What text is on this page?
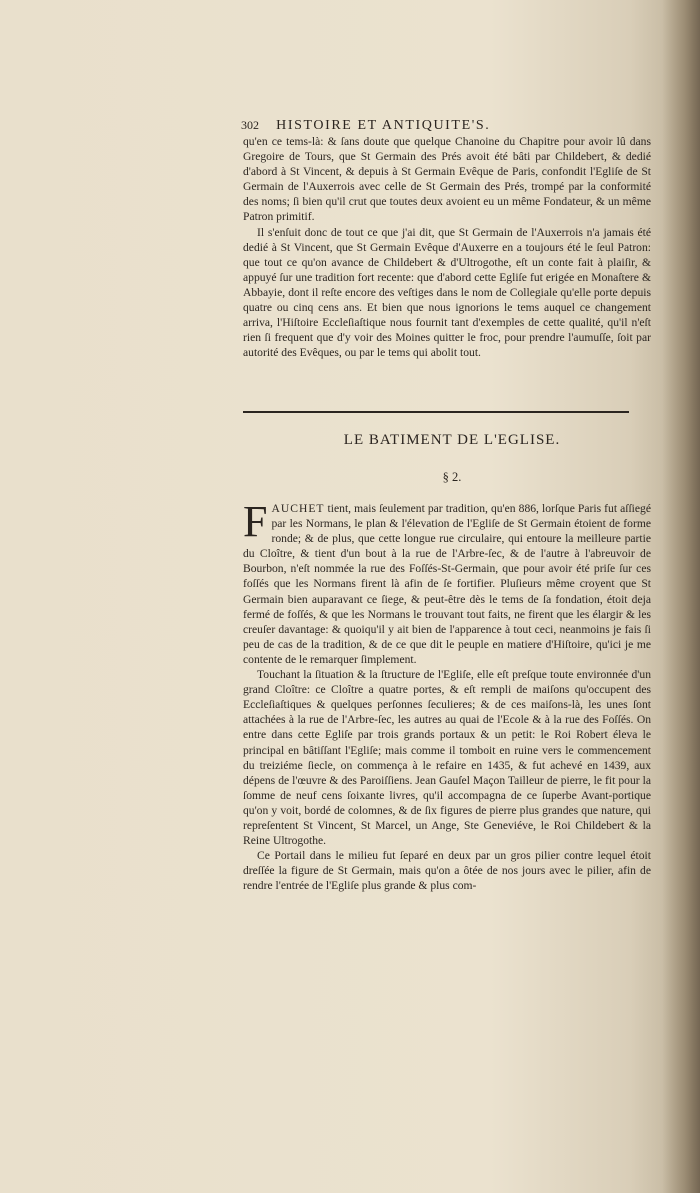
302 HISTOIRE ET ANTIQUITE'S.

qu'en ce tems-là: & ſans doute que quelque Chanoine du Chapitre pour avoir lû dans Gregoire de Tours, que St Germain des Prés avoit été bâti par Childebert, & dedié d'abord à St Vincent, & depuis à St Germain Evêque de Paris, confondit l'Egliſe de St Germain de l'Auxerrois avec celle de St Germain des Prés, trompé par la conformité des noms; ſi bien qu'il crut que toutes deux avoient eu un même Fondateur, & un même Patron primitif.

Il s'enſuit donc de tout ce que j'ai dit, que St Germain de l'Auxerrois n'a jamais été dedié à St Vincent, que St Germain Evêque d'Auxerre en a toujours été le ſeul Patron: que tout ce qu'on avance de Childebert & d'Ultrogothe, eſt un conte fait à plaiſir, & appuyé ſur une tradition fort recente: que d'abord cette Egliſe fut erigée en Monaſtere & Abbayie, dont il reſte encore des veſtiges dans le nom de Collegiale qu'elle porte depuis quatre ou cinq cens ans. Et bien que nous ignorions le tems auquel ce changement arriva, l'Hiſtoire Eccleſiaſtique nous fournit tant d'exemples de cette qualité, qu'il n'eſt rien ſi frequent que d'y voir des Moines quitter le froc, pour prendre l'aumuſſe, ſoit par autorité des Evêques, ou par le tems qui abolit tout.

LE BATIMENT DE L'EGLISE.
§ 2.

FAUCHET tient, mais ſeulement par tradition, qu'en 886, lorſque Paris fut aſſiegé par les Normans, le plan & l'élevation de l'Egliſe de St Germain étoient de forme ronde; & de plus, que cette longue rue circulaire, qui entoure la meilleure partie du Cloître, & tient d'un bout à la rue de l'Arbre-ſec, & de l'autre à l'abreuvoir de Bourbon, n'eſt nommée la rue des Foſſés-St-Germain, que pour avoir été priſe ſur ces foſſés que les Normans firent là afin de ſe fortifier. Pluſieurs même croyent que St Germain bien auparavant ce ſiege, & peut-être dès le tems de ſa fondation, étoit deja fermé de foſſés, & que les Normans le trouvant tout faits, ne firent que les élargir & les creuſer davantage: & quoiqu'il y ait bien de l'apparence à tout ceci, neanmoins je fais ſi peu de cas de la tradition, & de ce que dit le peuple en matiere d'Hiſtoire, qu'ici je me contente de le remarquer ſimplement.

Touchant la ſituation & la ſtructure de l'Egliſe, elle eſt preſque toute environnée d'un grand Cloître: ce Cloître a quatre portes, & eſt rempli de maiſons qu'occupent des Eccleſiaſtiques & quelques perſonnes ſeculieres; & de ces maiſons-là, les unes ſont attachées à la rue de l'Arbre-ſec, les autres au quai de l'Ecole & à la rue des Foſſés. On entre dans cette Egliſe par trois grands portaux & un petit: le Roi Robert éleva le principal en bâtiſſant l'Egliſe; mais comme il tomboit en ruine vers le commencement du treiziéme ſiecle, on commença à le refaire en 1435, & fut achevé en 1439, aux dépens de l'œuvre & des Paroiſſiens. Jean Gauſel Maçon Tailleur de pierre, le fit pour la ſomme de neuf cens ſoixante livres, qu'il accompagna de ce ſuperbe Avant-portique qu'on y voit, bordé de colomnes, & de ſix figures de pierre plus grandes que nature, qui repreſentent St Vincent, St Marcel, un Ange, Ste Geneviéve, le Roi Childebert & la Reine Ultrogothe.

Ce Portail dans le milieu fut ſeparé en deux par un gros pilier contre lequel étoit dreſſée la figure de St Germain, mais qu'on a ôtée de nos jours avec le pilier, afin de rendre l'entrée de l'Egliſe plus grande & plus com-
